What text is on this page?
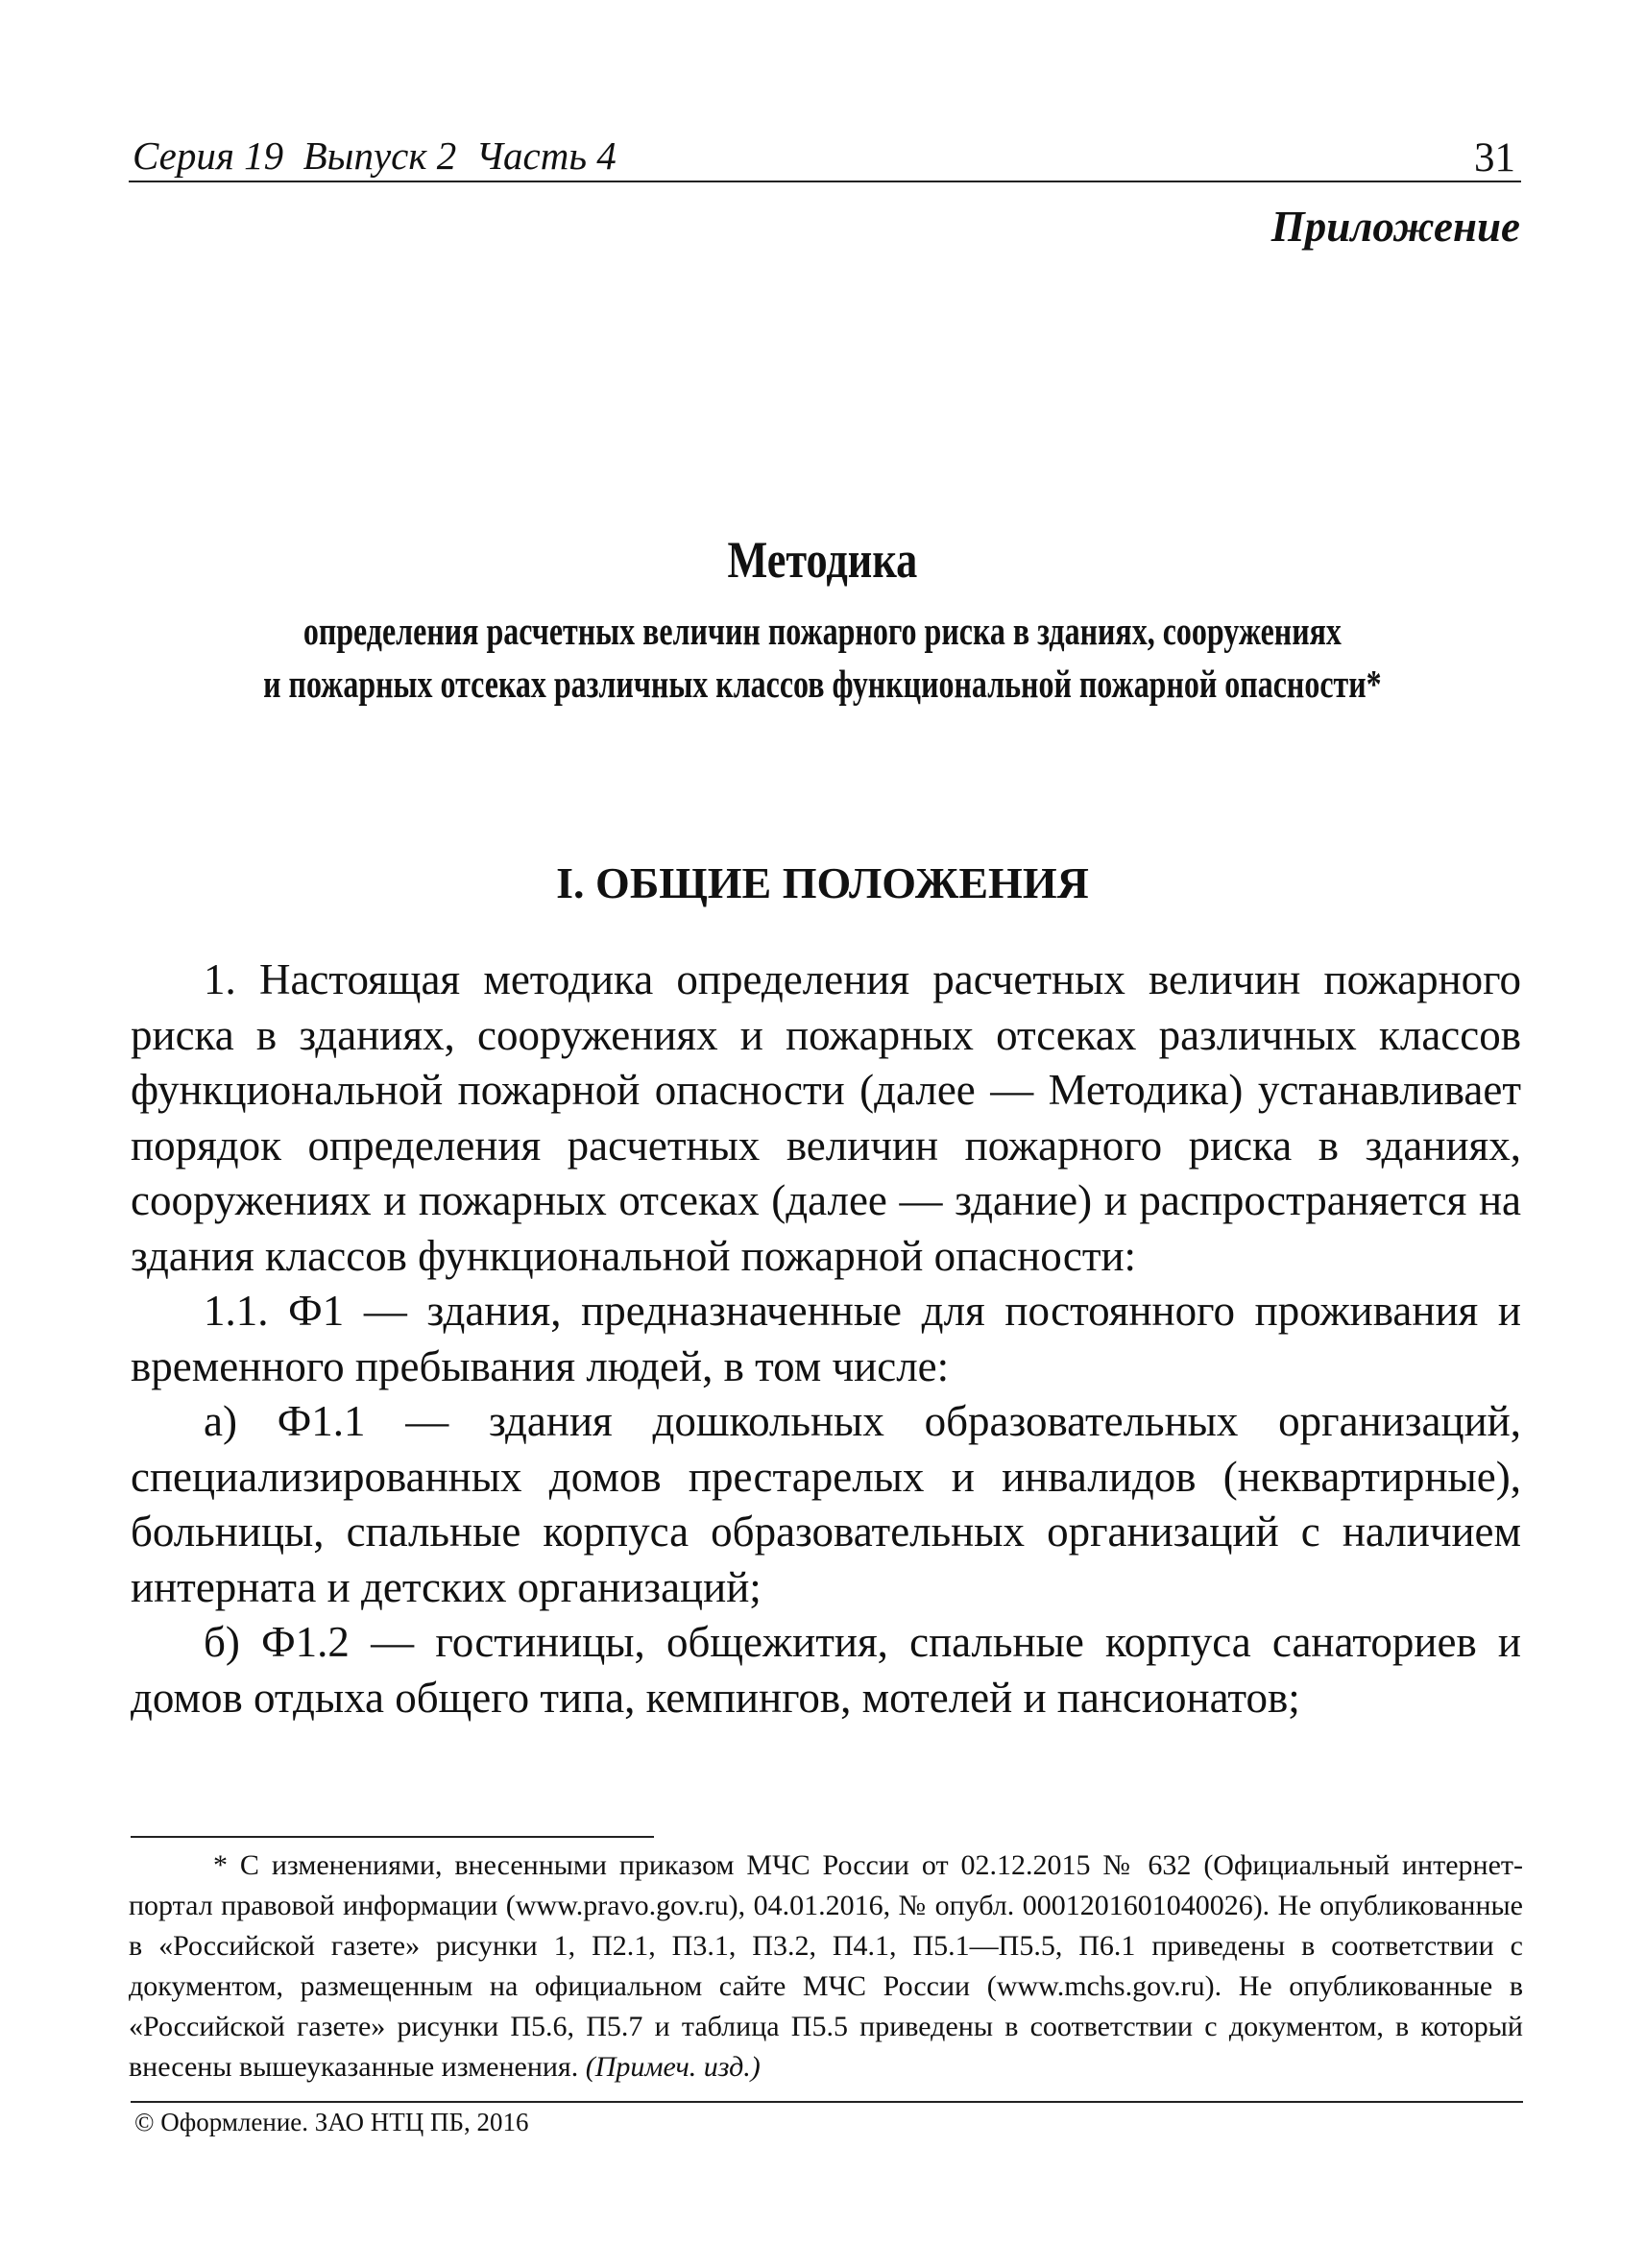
Серия 19  Выпуск 2  Часть 4	31
Приложение
Методика
определения расчетных величин пожарного риска в зданиях, сооружениях
и пожарных отсеках различных классов функциональной пожарной опасности*
I. ОБЩИЕ ПОЛОЖЕНИЯ

1. Настоящая методика определения расчетных величин пожарного риска в зданиях, сооружениях и пожарных отсеках различных классов функциональной пожарной опасности (далее — Методика) устанавливает порядок определения расчетных величин пожарного риска в зданиях, сооружениях и пожарных отсеках (далее — здание) и распространяется на здания классов функциональной пожарной опасности:

1.1. Ф1 — здания, предназначенные для постоянного проживания и временного пребывания людей, в том числе:

а) Ф1.1 — здания дошкольных образовательных организаций, специализированных домов престарелых и инвалидов (неквартирные), больницы, спальные корпуса образовательных организаций с наличием интерната и детских организаций;

б) Ф1.2 — гостиницы, общежития, спальные корпуса санаториев и домов отдыха общего типа, кемпингов, мотелей и пансионатов;

* С изменениями, внесенными приказом МЧС России от 02.12.2015 № 632 (Официальный интернет-портал правовой информации (www.pravo.gov.ru), 04.01.2016, № опубл. 0001201601040026). Не опубликованные в «Российской газете» рисунки 1, П2.1, П3.1, П3.2, П4.1, П5.1—П5.5, П6.1 приведены в соответствии с документом, размещенным на официальном сайте МЧС России (www.mchs.gov.ru). Не опубликованные в «Российской газете» рисунки П5.6, П5.7 и таблица П5.5 приведены в соответствии с документом, в который внесены вышеуказанные изменения. (Примеч. изд.)

© Оформление. ЗАО НТЦ ПБ, 2016
